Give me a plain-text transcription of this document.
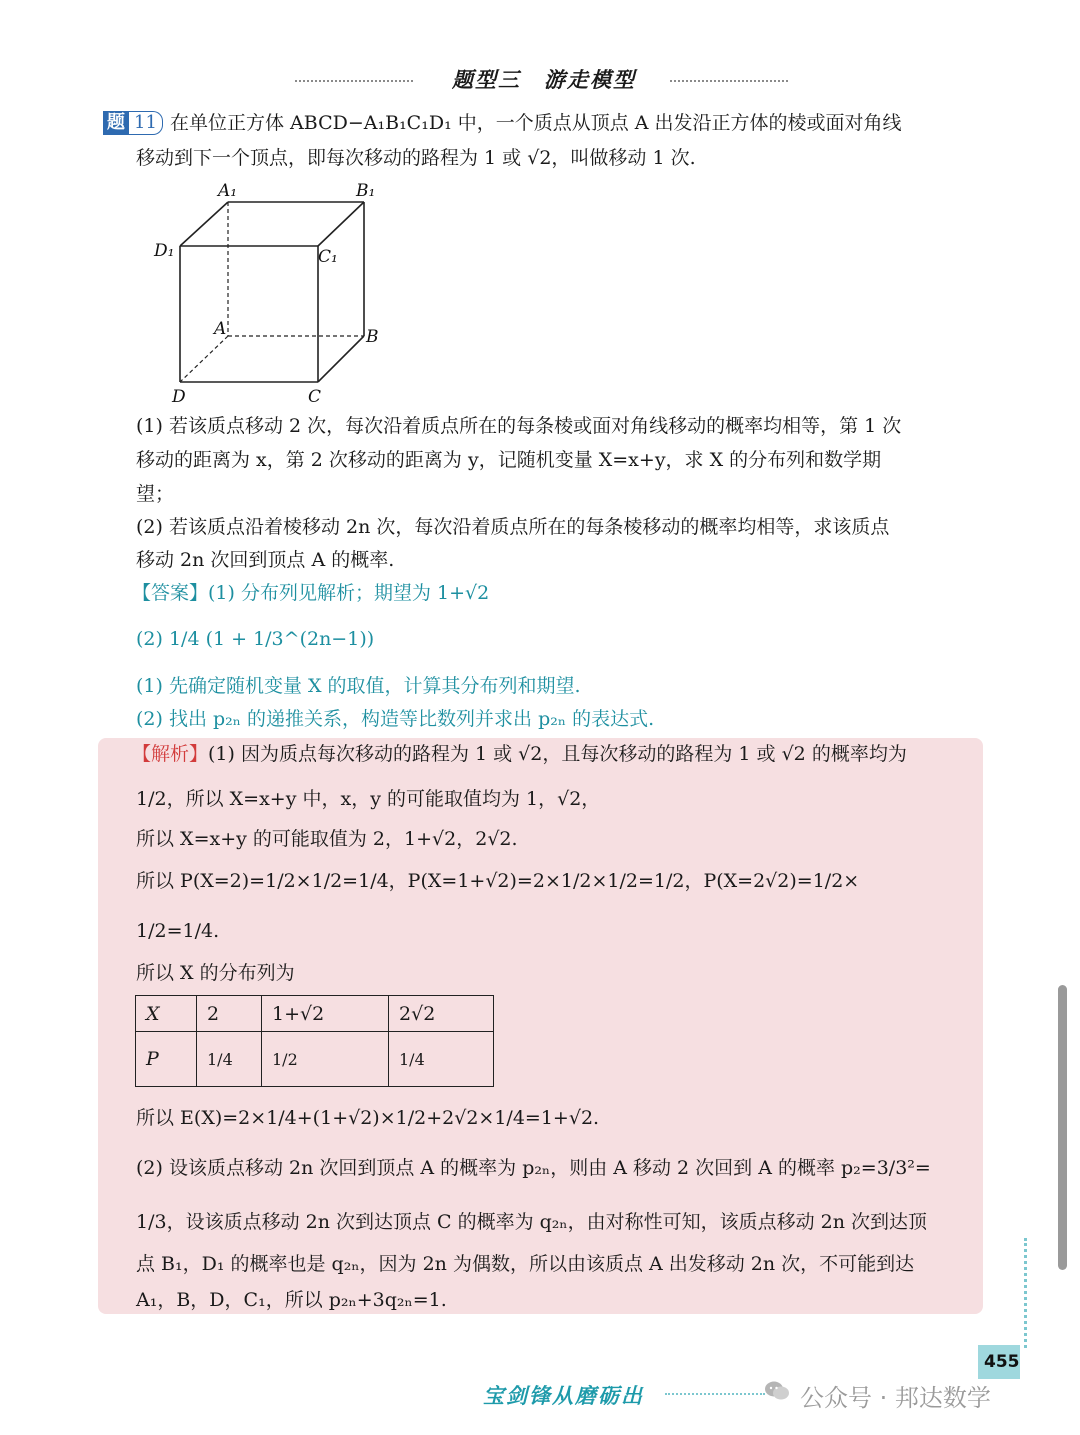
题型三　游走模型
题 11 在单位正方体 ABCD−A₁B₁C₁D₁ 中，一个质点从顶点 A 出发沿正方体的棱或面对角线
移动到下一个顶点，即每次移动的路程为 1 或 √2，叫做移动 1 次.
A₁	B₁
D₁	C₁
A	B
D	C
(1) 若该质点移动 2 次，每次沿着质点所在的每条棱或面对角线移动的概率均相等，第 1 次
移动的距离为 x，第 2 次移动的距离为 y，记随机变量 X=x+y，求 X 的分布列和数学期
望；
(2) 若该质点沿着棱移动 2n 次，每次沿着质点所在的每条棱移动的概率均相等，求该质点
移动 2n 次回到顶点 A 的概率.
【答案】(1) 分布列见解析；期望为 1+√2
(2) 1/4 (1 + 1/3^(2n−1))
(1) 先确定随机变量 X 的取值，计算其分布列和期望.
(2) 找出 p₂ₙ 的递推关系，构造等比数列并求出 p₂ₙ 的表达式.
【解析】(1) 因为质点每次移动的路程为 1 或 √2，且每次移动的路程为 1 或 √2 的概率均为
1/2，所以 X=x+y 中，x，y 的可能取值均为 1，√2，
所以 X=x+y 的可能取值为 2，1+√2，2√2.
所以 P(X=2)=1/2×1/2=1/4，P(X=1+√2)=2×1/2×1/2=1/2，P(X=2√2)=1/2×
1/2=1/4.
所以 X 的分布列为
X	2	1+√2	2√2
P	1/4	1/2	1/4
所以 E(X)=2×1/4+(1+√2)×1/2+2√2×1/4=1+√2.
(2) 设该质点移动 2n 次回到顶点 A 的概率为 p₂ₙ，则由 A 移动 2 次回到 A 的概率 p₂=3/3²=
1/3，设该质点移动 2n 次到达顶点 C 的概率为 q₂ₙ，由对称性可知，该质点移动 2n 次到达顶
点 B₁，D₁ 的概率也是 q₂ₙ，因为 2n 为偶数，所以由该质点 A 出发移动 2n 次，不可能到达
A₁，B，D，C₁，所以 p₂ₙ+3q₂ₙ=1.
455
宝剑锋从磨砺出	公众号 · 邦达数学
